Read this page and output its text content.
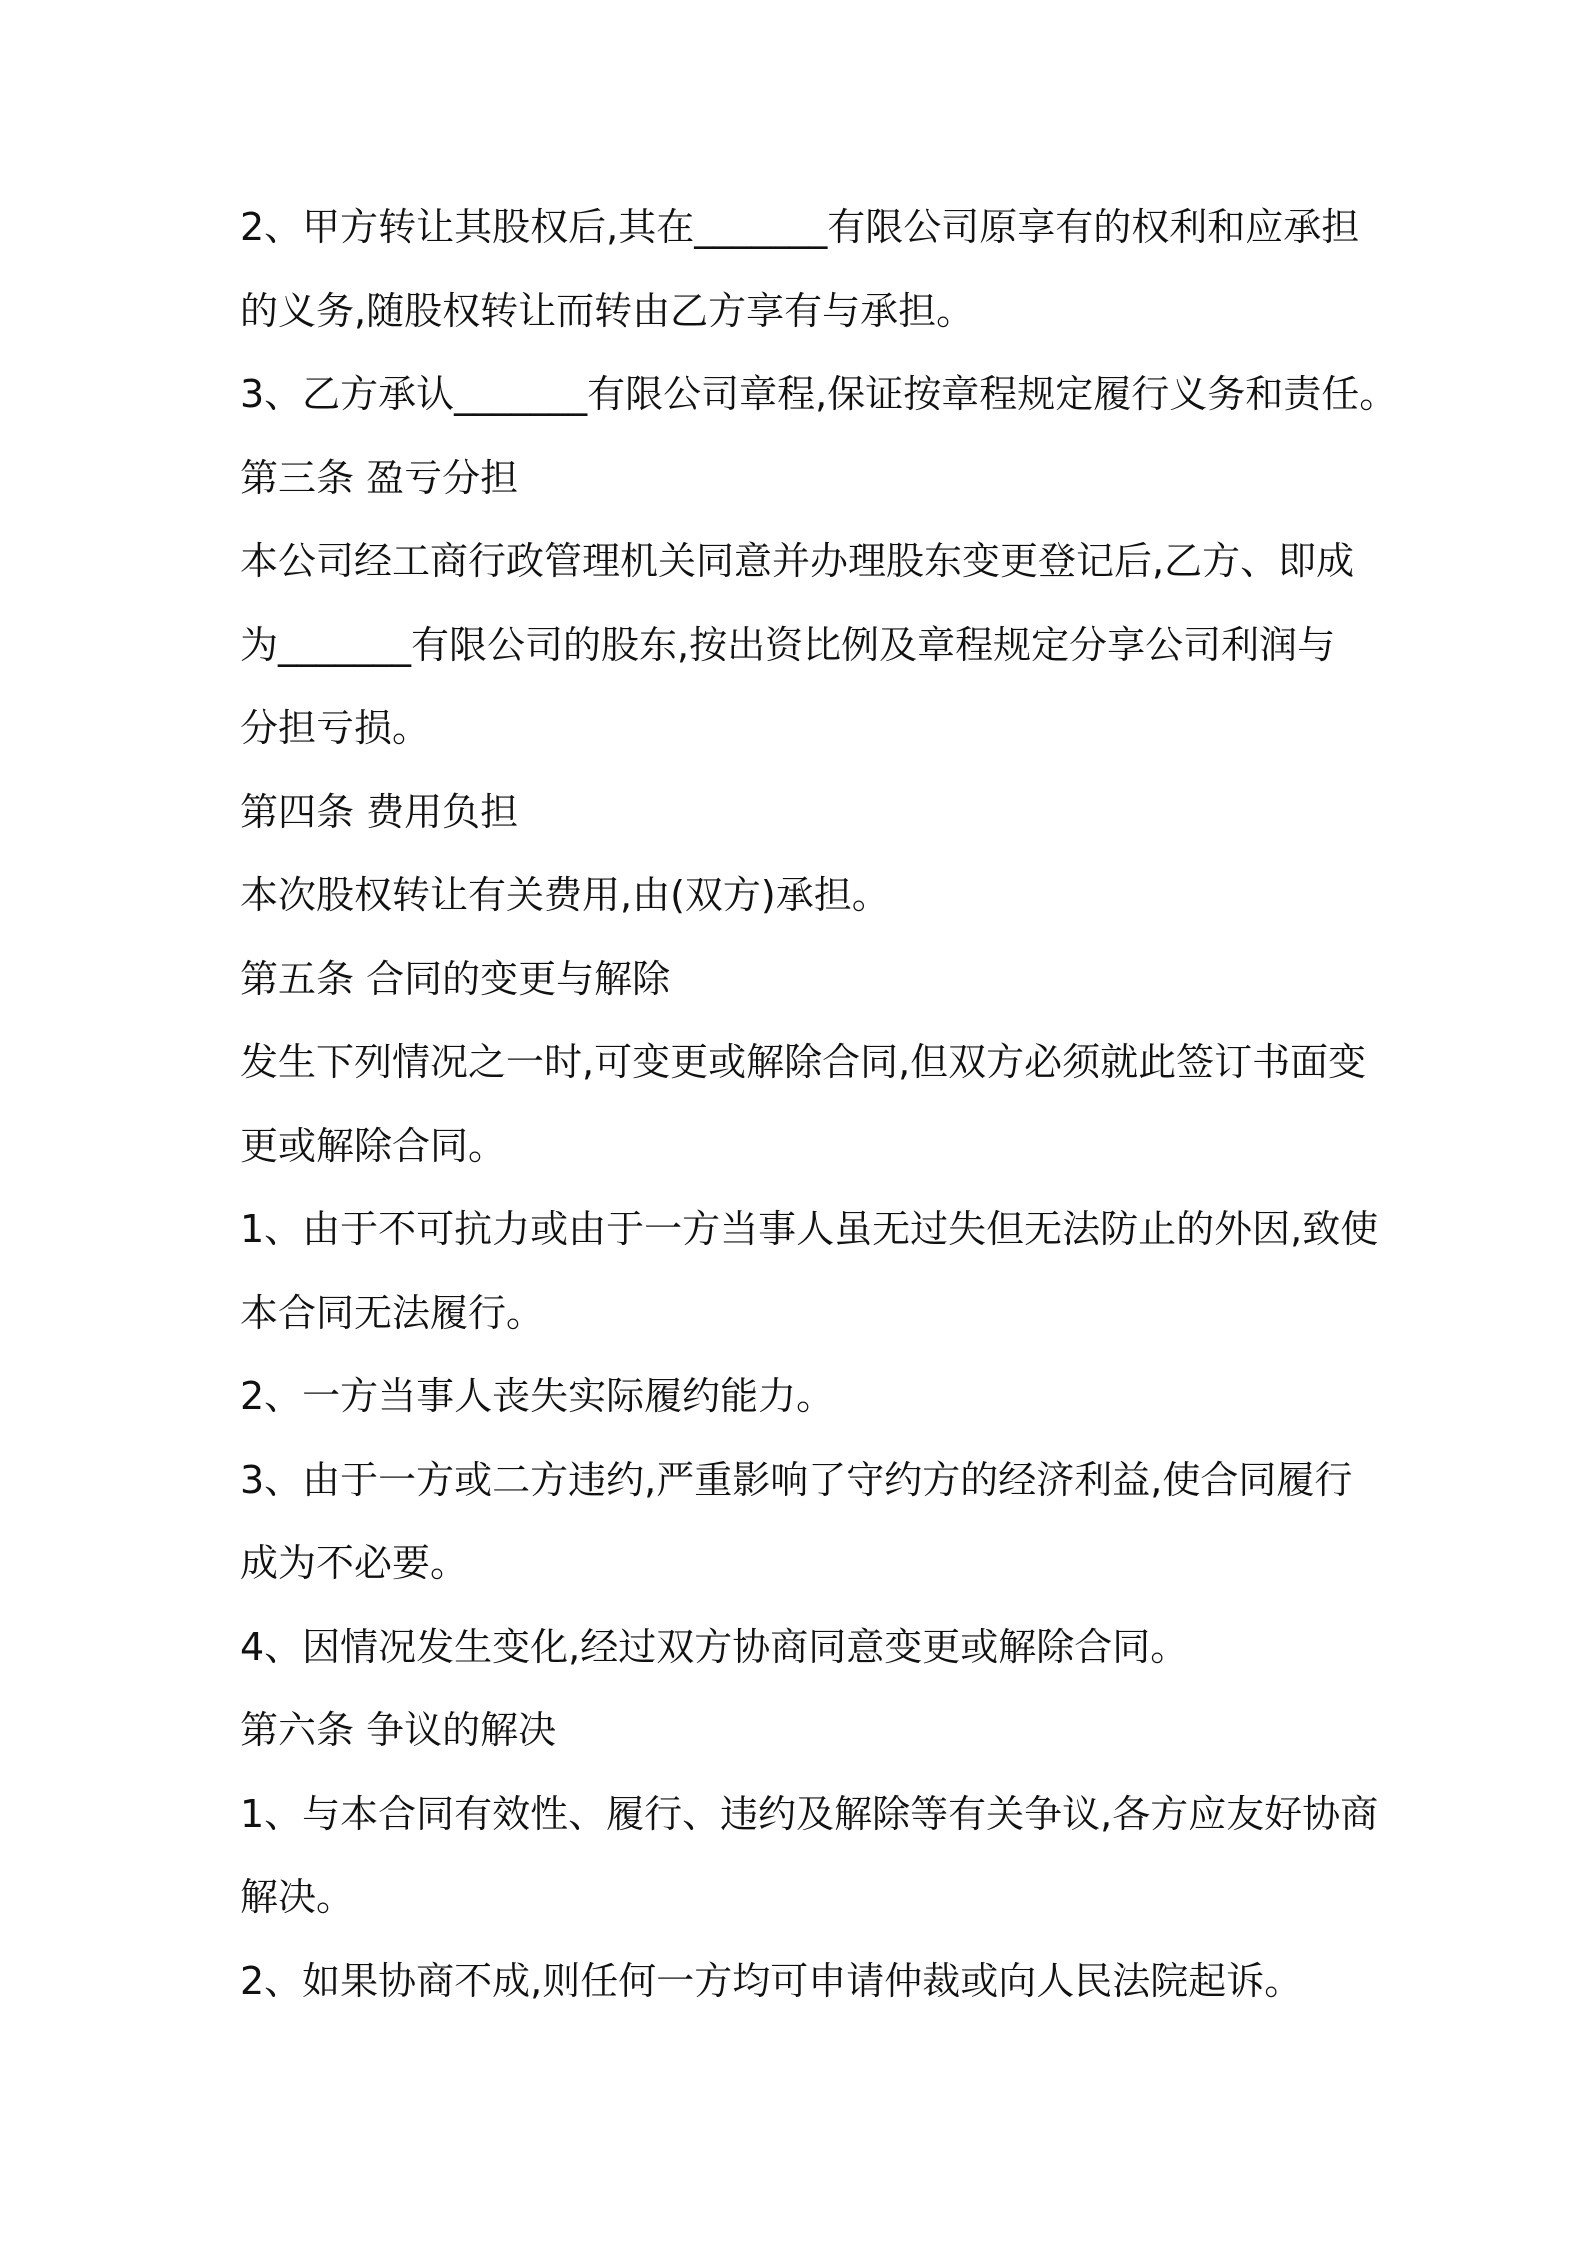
2、甲方转让其股权后,其在_______有限公司原享有的权利和应承担
的义务,随股权转让而转由乙方享有与承担。
3、乙方承认_______有限公司章程,保证按章程规定履行义务和责任。
第三条 盈亏分担
本公司经工商行政管理机关同意并办理股东变更登记后,乙方、即成
为_______有限公司的股东,按出资比例及章程规定分享公司利润与
分担亏损。
第四条 费用负担
本次股权转让有关费用,由(双方)承担。
第五条 合同的变更与解除
发生下列情况之一时,可变更或解除合同,但双方必须就此签订书面变
更或解除合同。
1、由于不可抗力或由于一方当事人虽无过失但无法防止的外因,致使
本合同无法履行。
2、一方当事人丧失实际履约能力。
3、由于一方或二方违约,严重影响了守约方的经济利益,使合同履行
成为不必要。
4、因情况发生变化,经过双方协商同意变更或解除合同。
第六条 争议的解决
1、与本合同有效性、履行、违约及解除等有关争议,各方应友好协商
解决。
2、如果协商不成,则任何一方均可申请仲裁或向人民法院起诉。
